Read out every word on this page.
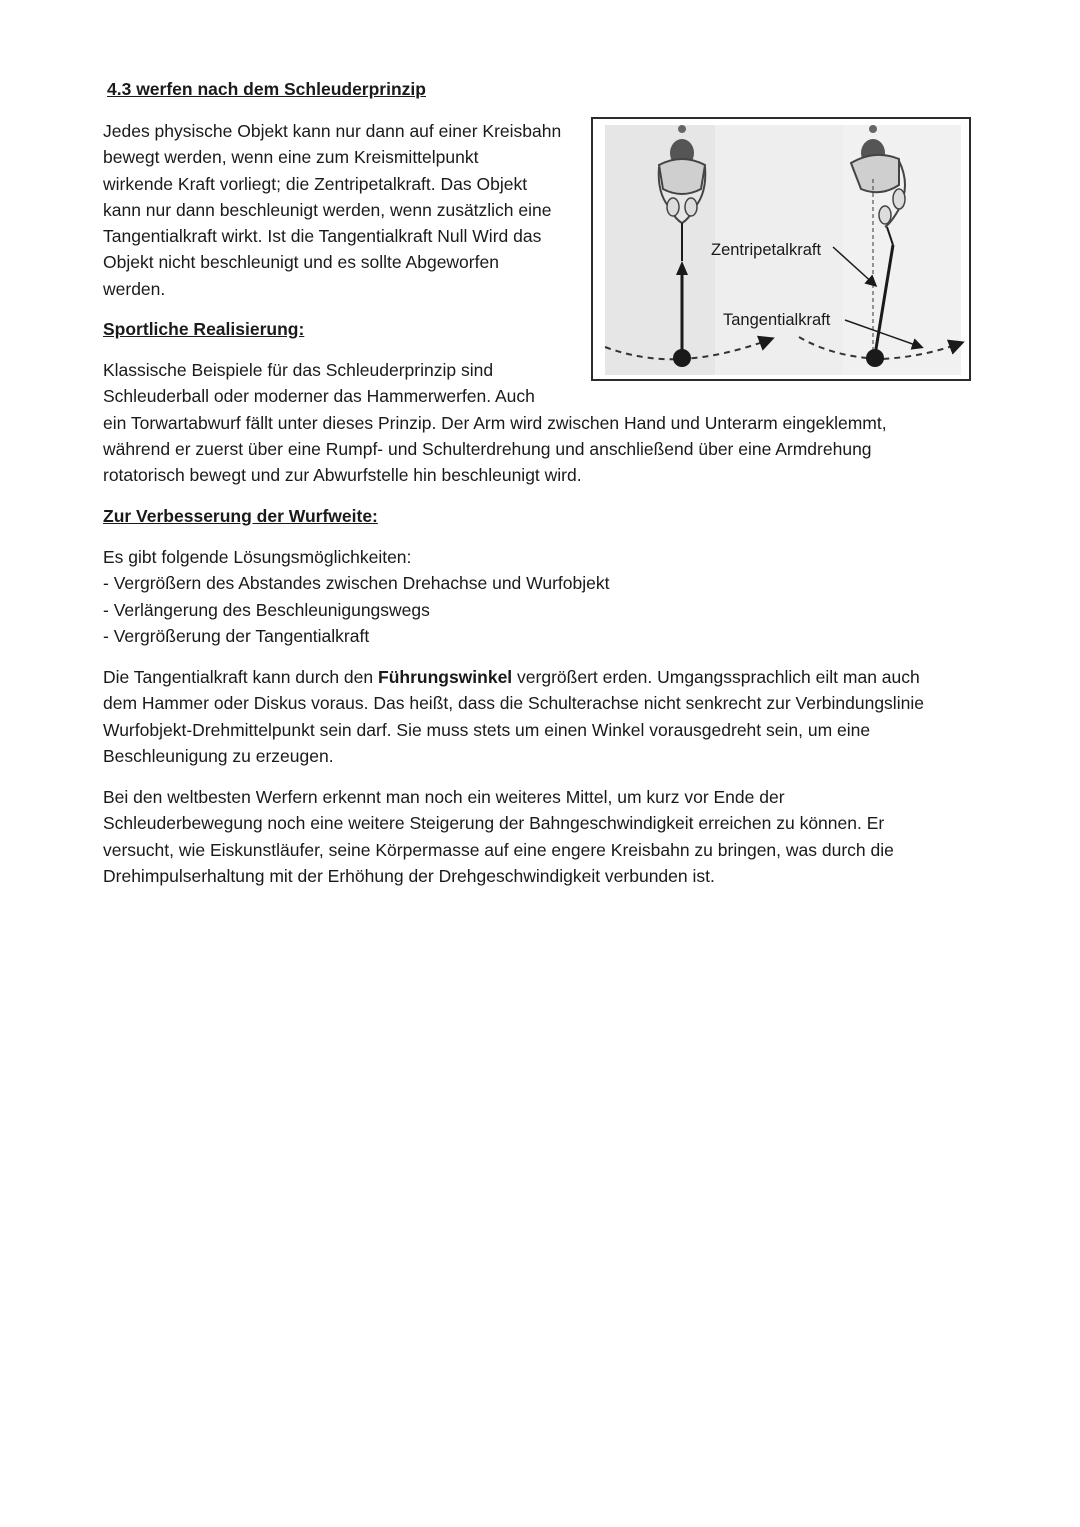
4.3 werfen nach dem Schleuderprinzip
Jedes physische Objekt kann nur dann auf einer Kreisbahn
bewegt werden, wenn eine zum Kreismittelpunkt
wirkende Kraft vorliegt; die Zentripetalkraft. Das Objekt
kann nur dann beschleunigt werden, wenn zusätzlich eine
Tangentialkraft wirkt. Ist die Tangentialkraft Null Wird das
Objekt nicht beschleunigt und es sollte Abgeworfen
werden.
Zentripetalkraft
Tangentialkraft
Sportliche Realisierung:
Klassische Beispiele für das Schleuderprinzip sind
Schleuderball oder moderner das Hammerwerfen. Auch
ein Torwartabwurf fällt unter dieses Prinzip. Der Arm wird zwischen Hand und Unterarm eingeklemmt,
während er zuerst über eine Rumpf- und Schulterdrehung und anschließend über eine Armdrehung
rotatorisch bewegt und zur Abwurfstelle hin beschleunigt wird.
Zur Verbesserung der Wurfweite:
Es gibt folgende Lösungsmöglichkeiten:
- Vergrößern des Abstandes zwischen Drehachse und Wurfobjekt
- Verlängerung des Beschleunigungswegs
- Vergrößerung der Tangentialkraft
Die Tangentialkraft kann durch den Führungswinkel vergrößert erden. Umgangssprachlich eilt man auch
dem Hammer oder Diskus voraus. Das heißt, dass die Schulterachse nicht senkrecht zur Verbindungslinie
Wurfobjekt-Drehmittelpunkt sein darf. Sie muss stets um einen Winkel vorausgedreht sein, um eine
Beschleunigung zu erzeugen.
Bei den weltbesten Werfern erkennt man noch ein weiteres Mittel, um kurz vor Ende der
Schleuderbewegung noch eine weitere Steigerung der Bahngeschwindigkeit erreichen zu können. Er
versucht, wie Eiskunstläufer, seine Körpermasse auf eine engere Kreisbahn zu bringen, was durch die
Drehimpulserhaltung mit der Erhöhung der Drehgeschwindigkeit verbunden ist.
